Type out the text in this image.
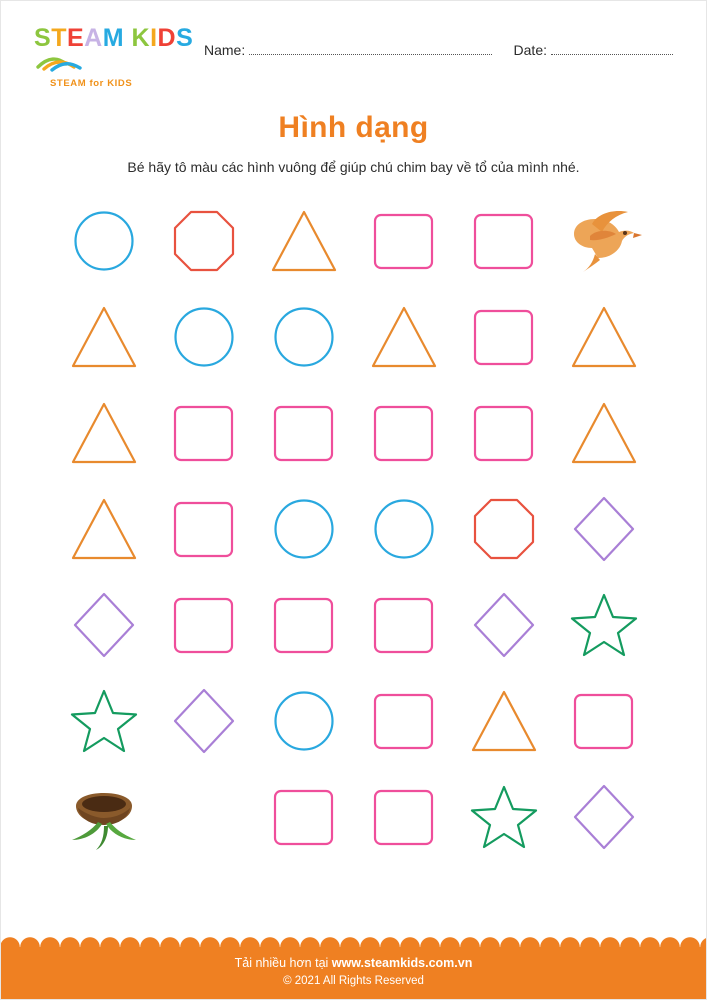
S T E A M
K I D S
STEAM for KIDS
Name:	Date:
Hình dạng
Bé hãy tô màu các hình vuông để giúp chú chim bay về tổ của mình nhé.
Tải nhiều hơn tại www.steamkids.com.vn
© 2021 All Rights Reserved
